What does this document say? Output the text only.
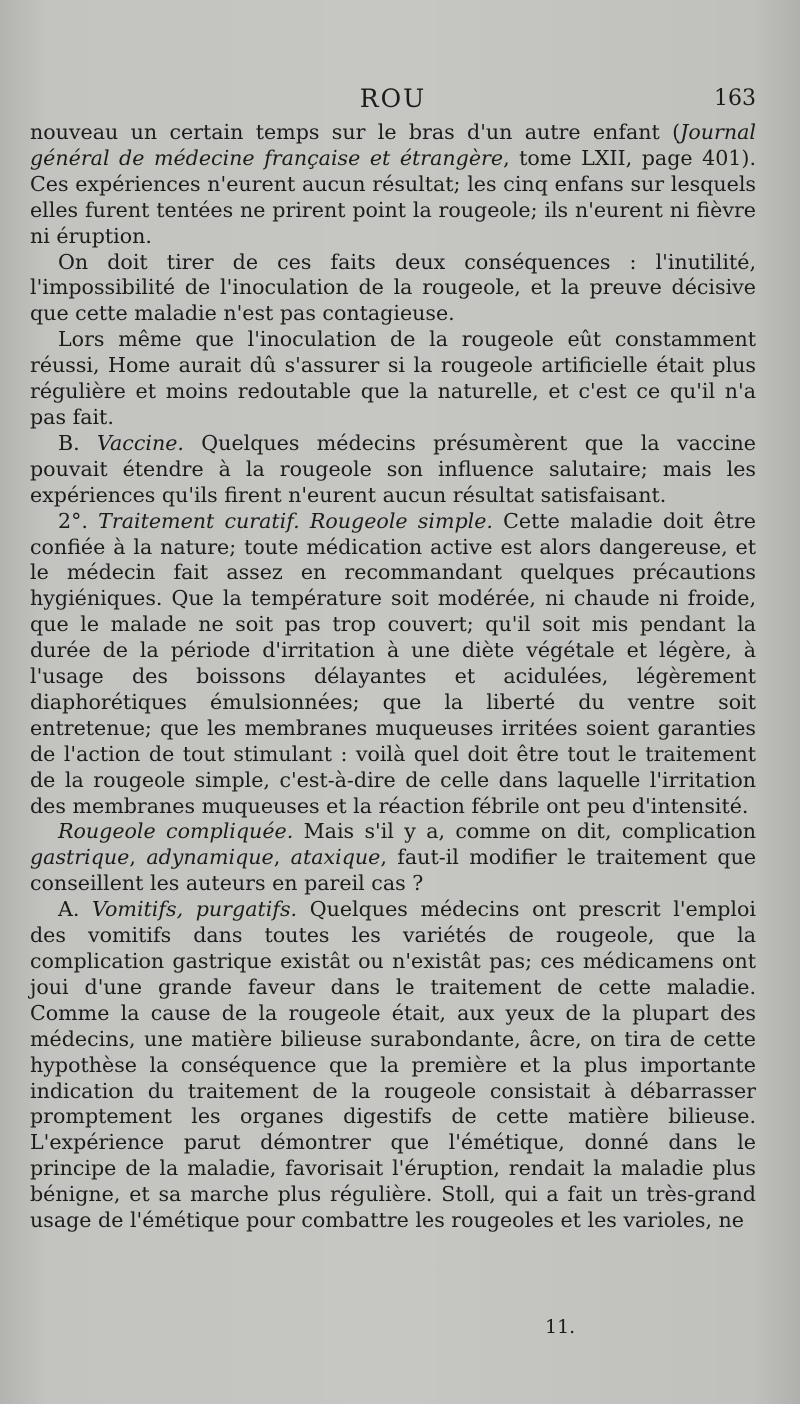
ROU	163

nouveau un certain temps sur le bras d'un autre enfant (Journal général de médecine française et étrangère, tome LXII, page 401). Ces expériences n'eurent aucun résultat; les cinq enfans sur lesquels elles furent tentées ne prirent point la rougeole; ils n'eurent ni fièvre ni éruption.

On doit tirer de ces faits deux conséquences : l'inutilité, l'impossibilité de l'inoculation de la rougeole, et la preuve décisive que cette maladie n'est pas contagieuse.

Lors même que l'inoculation de la rougeole eût constamment réussi, Home aurait dû s'assurer si la rougeole artificielle était plus régulière et moins redoutable que la naturelle, et c'est ce qu'il n'a pas fait.

B. Vaccine. Quelques médecins présumèrent que la vaccine pouvait étendre à la rougeole son influence salutaire; mais les expériences qu'ils firent n'eurent aucun résultat satisfaisant.

2°. Traitement curatif. Rougeole simple. Cette maladie doit être confiée à la nature; toute médication active est alors dangereuse, et le médecin fait assez en recommandant quelques précautions hygiéniques. Que la température soit modérée, ni chaude ni froide, que le malade ne soit pas trop couvert; qu'il soit mis pendant la durée de la période d'irritation à une diète végétale et légère, à l'usage des boissons délayantes et acidulées, légèrement diaphorétiques émulsionnées; que la liberté du ventre soit entretenue; que les membranes muqueuses irritées soient garanties de l'action de tout stimulant : voilà quel doit être tout le traitement de la rougeole simple, c'est-à-dire de celle dans laquelle l'irritation des membranes muqueuses et la réaction fébrile ont peu d'intensité.

Rougeole compliquée. Mais s'il y a, comme on dit, complication gastrique, adynamique, ataxique, faut-il modifier le traitement que conseillent les auteurs en pareil cas ?

A. Vomitifs, purgatifs. Quelques médecins ont prescrit l'emploi des vomitifs dans toutes les variétés de rougeole, que la complication gastrique existât ou n'existât pas; ces médicamens ont joui d'une grande faveur dans le traitement de cette maladie. Comme la cause de la rougeole était, aux yeux de la plupart des médecins, une matière bilieuse surabondante, âcre, on tira de cette hypothèse la conséquence que la première et la plus importante indication du traitement de la rougeole consistait à débarrasser promptement les organes digestifs de cette matière bilieuse. L'expérience parut démontrer que l'émétique, donné dans le principe de la maladie, favorisait l'éruption, rendait la maladie plus bénigne, et sa marche plus régulière. Stoll, qui a fait un très-grand usage de l'émétique pour combattre les rougeoles et les varioles, ne

11.
